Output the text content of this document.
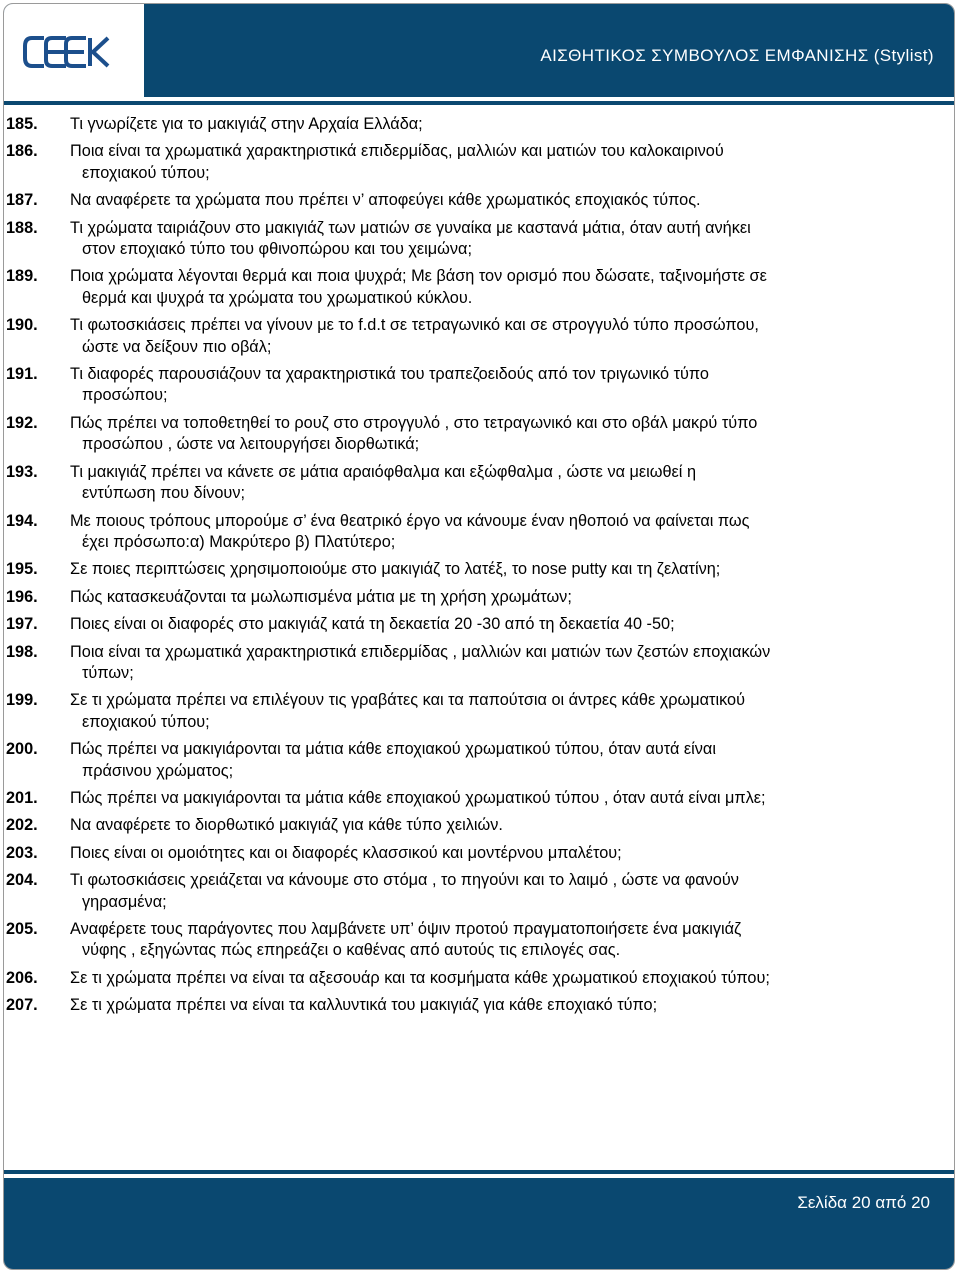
ΑΙΣΘΗΤΙΚΟΣ ΣΥΜΒΟΥΛΟΣ ΕΜΦΑΝΙΣΗΣ (Stylist)
185.	Τι γνωρίζετε για το μακιγιάζ στην Αρχαία Ελλάδα;
186.	Ποια είναι τα χρωματικά χαρακτηριστικά επιδερμίδας, μαλλιών και ματιών του καλοκαιρινού
εποχιακού τύπου;
187.	Να αναφέρετε τα χρώματα που πρέπει ν’ αποφεύγει κάθε χρωματικός εποχιακός τύπος.
188.	Τι χρώματα ταιριάζουν στο μακιγιάζ των ματιών σε γυναίκα με καστανά μάτια, όταν αυτή ανήκει
στον εποχιακό τύπο του φθινοπώρου και του χειμώνα;
189.	Ποια χρώματα λέγονται θερμά και ποια ψυχρά; Με βάση τον ορισμό που δώσατε, ταξινομήστε σε
θερμά και ψυχρά τα χρώματα του χρωματικού κύκλου.
190.	Τι φωτοσκιάσεις πρέπει να γίνουν με το f.d.t σε τετραγωνικό και σε στρογγυλό τύπο προσώπου,
ώστε να δείξουν πιο οβάλ;
191.	Τι διαφορές παρουσιάζουν τα χαρακτηριστικά του τραπεζοειδούς από τον τριγωνικό τύπο
προσώπου;
192.	Πώς πρέπει να τοποθετηθεί το ρουζ στο στρογγυλό , στο τετραγωνικό και στο οβάλ μακρύ τύπο
προσώπου , ώστε να λειτουργήσει διορθωτικά;
193.	Τι μακιγιάζ πρέπει να κάνετε σε μάτια αραιόφθαλμα και εξώφθαλμα , ώστε να μειωθεί η
εντύπωση που δίνουν;
194.	Με ποιους τρόπους μπορούμε σ’ ένα θεατρικό έργο να κάνουμε έναν ηθοποιό να φαίνεται πως
έχει πρόσωπο:α) Μακρύτερο β) Πλατύτερο;
195.	Σε ποιες περιπτώσεις χρησιμοποιούμε στο μακιγιάζ το λατέξ, το nose putty και τη ζελατίνη;
196.	Πώς κατασκευάζονται τα μωλωπισμένα μάτια με τη χρήση χρωμάτων;
197.	Ποιες είναι οι διαφορές στο μακιγιάζ κατά τη δεκαετία 20 -30 από τη δεκαετία 40 -50;
198.	Ποια είναι τα χρωματικά χαρακτηριστικά επιδερμίδας , μαλλιών και ματιών των ζεστών εποχιακών
τύπων;
199.	Σε τι χρώματα πρέπει να επιλέγουν τις γραβάτες και τα παπούτσια οι άντρες κάθε χρωματικού
εποχιακού τύπου;
200.	Πώς πρέπει να μακιγιάρονται τα μάτια κάθε εποχιακού χρωματικού τύπου, όταν αυτά είναι
πράσινου χρώματος;
201.	Πώς πρέπει να μακιγιάρονται τα μάτια κάθε εποχιακού χρωματικού τύπου , όταν αυτά είναι μπλε;
202.	Να αναφέρετε το διορθωτικό μακιγιάζ για κάθε τύπο χειλιών.
203.	Ποιες είναι οι ομοιότητες και οι διαφορές κλασσικού και μοντέρνου μπαλέτου;
204.	Τι φωτοσκιάσεις χρειάζεται να κάνουμε στο στόμα , το πηγούνι και το λαιμό , ώστε να φανούν
γηρασμένα;
205.	Αναφέρετε τους παράγοντες που λαμβάνετε υπ’ όψιν προτού πραγματοποιήσετε ένα μακιγιάζ
νύφης , εξηγώντας πώς επηρεάζει ο καθένας από αυτούς τις επιλογές σας.
206.	Σε τι χρώματα πρέπει να είναι τα αξεσουάρ και τα κοσμήματα κάθε χρωματικού εποχιακού τύπου;
207.	Σε τι χρώματα πρέπει να είναι τα καλλυντικά του μακιγιάζ για κάθε εποχιακό τύπο;
Σελίδα 20 από 20
